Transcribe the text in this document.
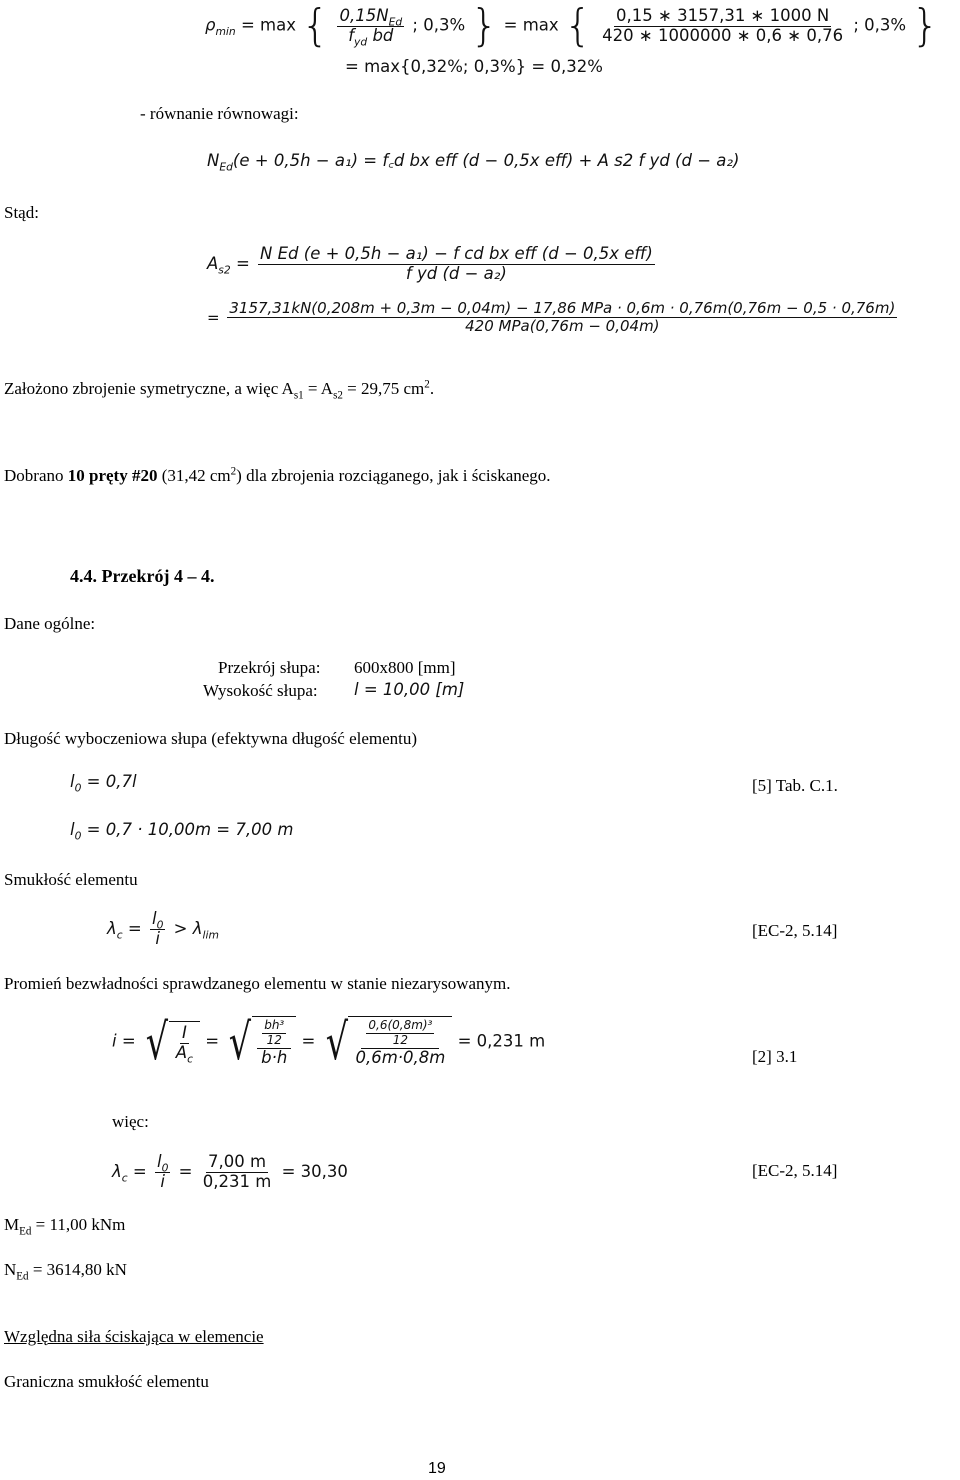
$\rho_{min} = \max$ { $\frac{0,15N_{Ed}}{f_{yd} bd}$ ; 0,3% } = max { $\frac{0,15 ∗ 3157,31 ∗ 1000 N}{420 ∗ 1000000 ∗ 0,6 ∗ 0,76}$ ; 0,3% }
= max{0,32%; 0,3%} = 0,32%
- równanie równowagi:
$N_{Ed}(e + 0,5h - a_1)$ = f꜀d bx eff (d − 0,5x eff) + A s2 f yd (d − a₂)
Stąd:
$A_{s2} = \frac{\text{N Ed (e + 0,5h − a₁) − f cd bx eff (d − 0,5x eff)}}{\text{f yd (d − a₂)}}$
=
3157,31kN(0,208m + 0,3m − 0,04m) − 17,86 MPa · 0,6m · 0,76m(0,76m − 0,5 · 0,76m)
420 MPa(0,76m − 0,04m)
Założono zbrojenie symetryczne, a więc $A_{s1} = A_{s2} = 29,75$ $cm^2$.
Dobrano 10 pręty #20 (31,42 $cm^2$) dla zbrojenia rozciąganego, jak i ściskanego.
4.4. Przekrój 4 – 4.
Dane ogólne:
Przekrój słupa: 600x800 [mm]
Wysokość słupa: l = 10,00 [m]
Długość wyboczeniowa słupa (efektywna długość elementu)
$l_0 = 0,7l$	[5] Tab. C.1.
$l_0 = 0,7 \cdot 10,00m = 7,00$ m
Smukłość elementu
$\lambda_c = \frac{l_0}{i} > \lambda_{lim}$	[EC-2, 5.14]
Promień bezwładności sprawdzanego elementu w stanie niezarysowanym.
i = √ $\frac{I}{A_c}$ = √ $\frac{\frac{\text{bh³}}{12}}{b\cdot h}$ = √ $\frac{\frac{\text{0,6(0,8m)³}}{12}}{0,6m\cdot 0,8m} = 0,231$ m
[2] 3.1
więc:
$\lambda_c = \frac{l_0}{i} = \frac{7,00 m}{0,231 m} = 30,30$	[EC-2, 5.14]
$M_{Ed} = 11,00$ kNm
$N_{Ed} = 3614,80$ kN
Względna siła ściskająca w elemencie
Graniczna smukłość elementu
19
